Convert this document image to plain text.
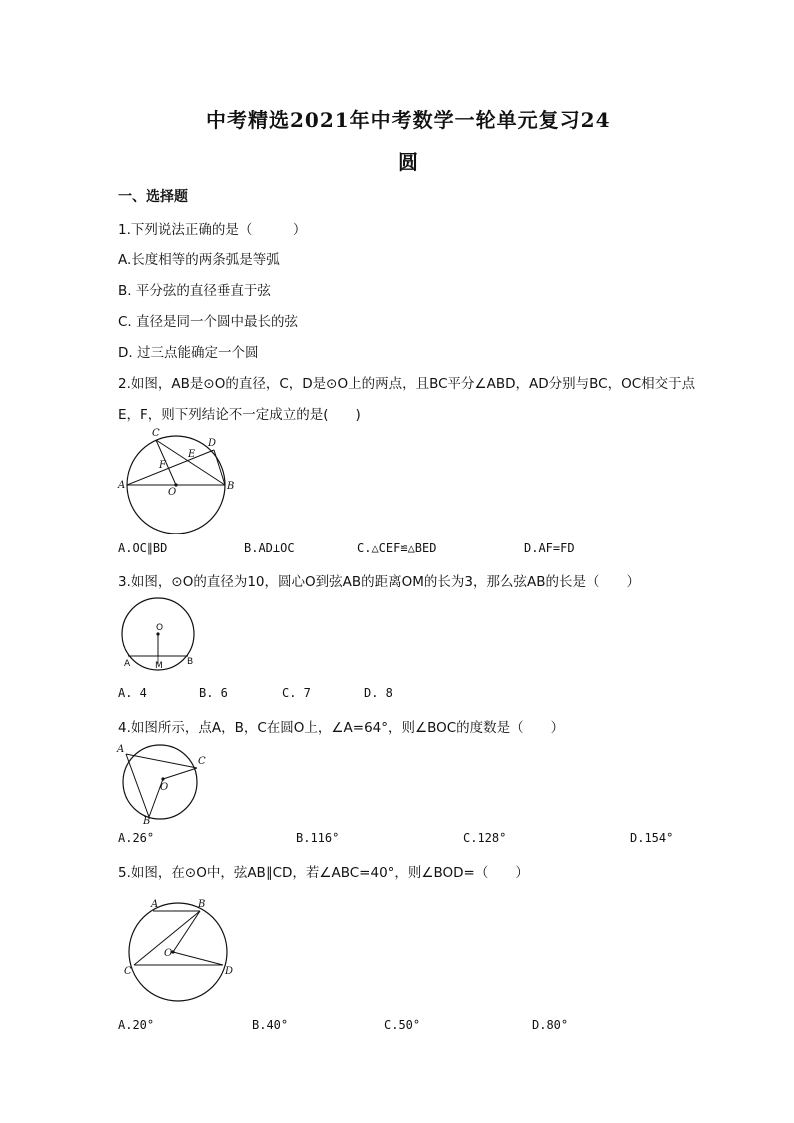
中考精选2021年中考数学一轮单元复习24
圆
一、选择题
1.下列说法正确的是（　　　）
A.长度相等的两条弧是等弧
B. 平分弦的直径垂直于弦
C. 直径是同一个圆中最长的弦
D. 过三点能确定一个圆
2.如图，AB是⊙O的直径，C，D是⊙O上的两点，且BC平分∠ABD，AD分别与BC，OC相交于点
E，F，则下列结论不一定成立的是(　　)
A	B
C
D
E
F
O
A.OC∥BD	B.AD⊥OC	C.△CEF≌△BED	D.AF=FD
3.如图，⊙O的直径为10，圆心O到弦AB的距离OM的长为3，那么弦AB的长是（　　）
O
A	M	B
A. 4	B. 6	C. 7	D. 8
4.如图所示，点A，B，C在圆O上，∠A=64°，则∠BOC的度数是（　　）
A
B
C
O
A.26°	B.116°	C.128°	D.154°
5.如图，在⊙O中，弦AB∥CD，若∠ABC=40°，则∠BOD=（　　）
A	B
C	D
O
A.20°	B.40°	C.50°	D.80°
